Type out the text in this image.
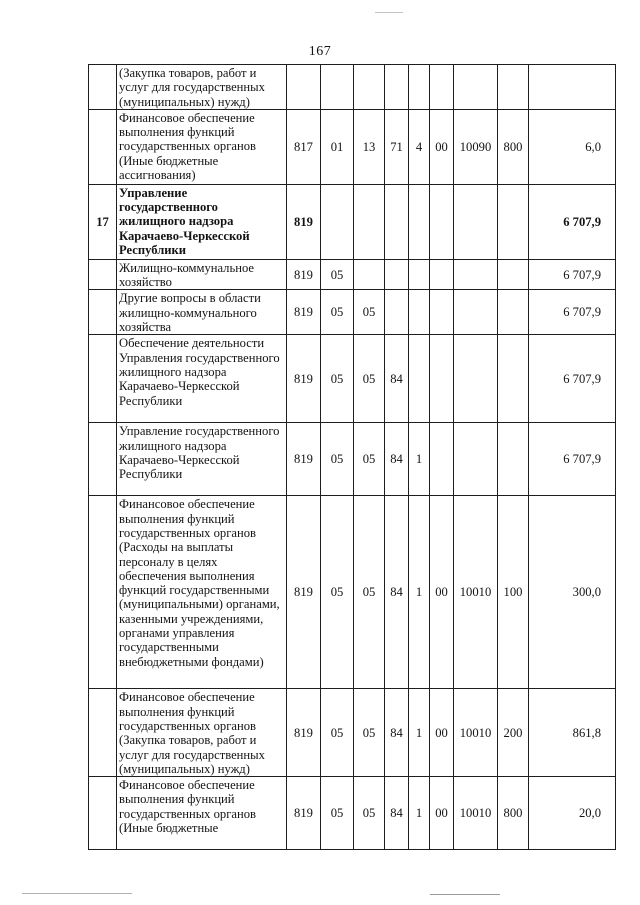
167
	(Закупка товаров, работ и услуг для государственных (муниципальных) нужд)									
	Финансовое обеспечение выполнения функций государственных органов (Иные бюджетные ассигнования)	817	01	13	71	4	00	10090	800	6,0
17	Управление государственного жилищного надзора Карачаево-Черкесской Республики	819								6 707,9
	Жилищно-коммунальное хозяйство	819	05							6 707,9
	Другие вопросы в области жилищно-коммунального хозяйства	819	05	05						6 707,9
	Обеспечение деятельности Управления государственного жилищного надзора Карачаево-Черкесской Республики	819	05	05	84					6 707,9
	Управление государственного жилищного надзора Карачаево-Черкесской Республики	819	05	05	84	1				6 707,9
	Финансовое обеспечение выполнения функций государственных органов (Расходы на выплаты персоналу в целях обеспечения выполнения функций государственными (муниципальными) органами, казенными учреждениями, органами управления государственными внебюджетными фондами)	819	05	05	84	1	00	10010	100	300,0
	Финансовое обеспечение выполнения функций государственных органов (Закупка товаров, работ и услуг для государственных (муниципальных) нужд)	819	05	05	84	1	00	10010	200	861,8
	Финансовое обеспечение выполнения функций государственных органов (Иные бюджетные	819	05	05	84	1	00	10010	800	20,0
